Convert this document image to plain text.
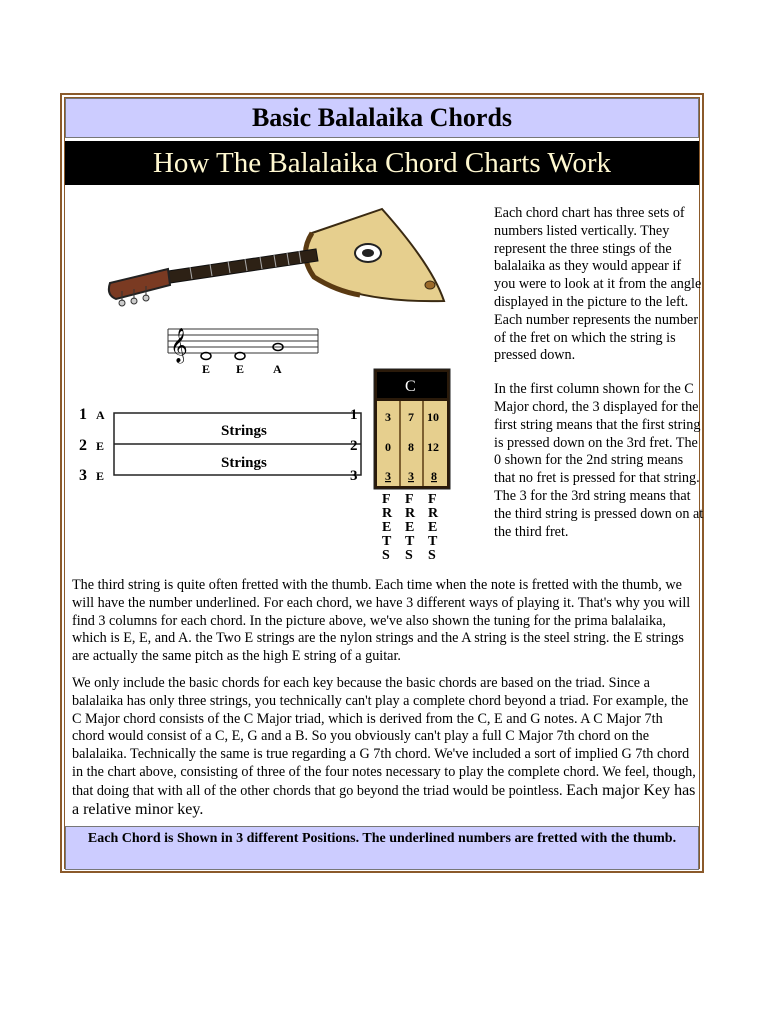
Basic Balalaika Chords
How The Balalaika Chord Charts Work
𝄞
E E A
1 A
2 E
3 E
Strings
Strings
1
2
3
C
3 7 10
0 8 12
3 3 8
F
R
E
T
S
F
R
E
T
S
F
R
E
T
S

Each chord chart has three sets of numbers listed vertically. They represent the three stings of the balalaika as they would appear if you were to look at it from the angle displayed in the picture to the left. Each number represents the number of the fret on which the string is pressed down.

In the first column shown for the C Major chord, the 3 displayed for the first string means that the first string is pressed down on the 3rd fret. The 0 shown for the 2nd string means that no fret is pressed for that string. The 3 for the 3rd string means that the third string is pressed down on at the third fret.

The third string is quite often fretted with the thumb. Each time when the note is fretted with the thumb, we will have the number underlined. For each chord, we have 3 different ways of playing it. That's why you will find 3 columns for each chord. In the picture above, we've also shown the tuning for the prima balalaika, which is E, E, and A. the Two E strings are the nylon strings and the A string is the steel string. the E strings are actually the same pitch as the high E string of a guitar.
We only include the basic chords for each key because the basic chords are based on the triad. Since a balalaika has only three strings, you technically can't play a complete chord beyond a triad. For example, the C Major chord consists of the C Major triad, which is derived from the C, E and G notes. A C Major 7th chord would consist of a C, E, G and a B. So you obviously can't play a full C Major 7th chord on the balalaika. Technically the same is true regarding a G 7th chord. We've included a sort of implied G 7th chord in the chart above, consisting of three of the four notes necessary to play the complete chord. We feel, though, that doing that with all of the other chords that go beyond the triad would be pointless. Each major Key has a relative minor key.
Each Chord is Shown in 3 different Positions. The underlined numbers are fretted with the thumb.
